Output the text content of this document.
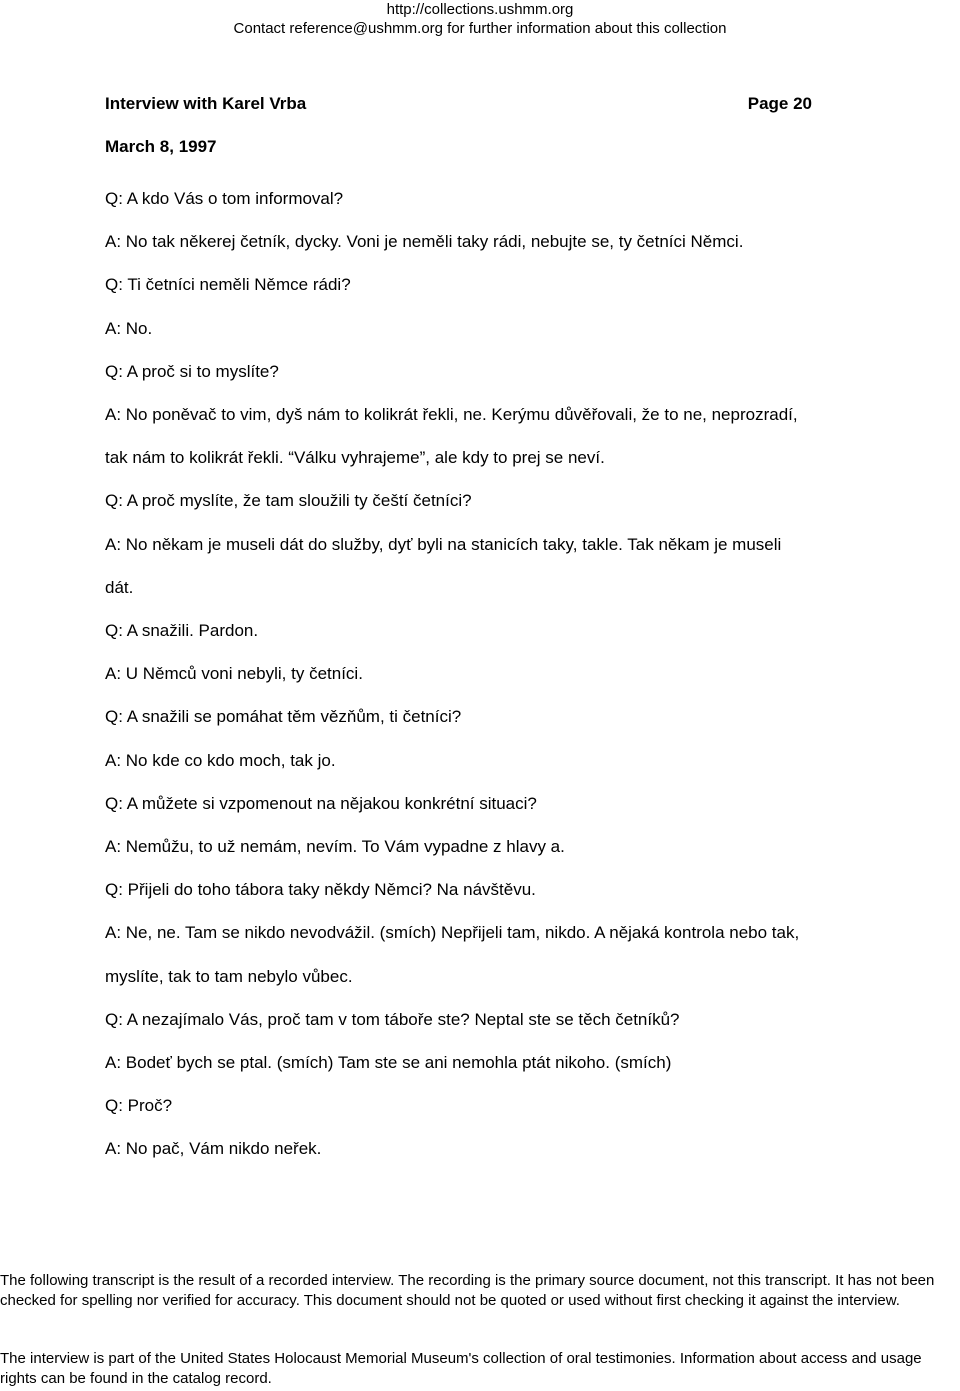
http://collections.ushmm.org
Contact reference@ushmm.org for further information about this collection
Interview with Karel Vrba	Page 20
March 8, 1997

Q: A kdo Vás o tom informoval?

A: No tak někerej četník, dycky. Voni je neměli taky rádi, nebujte se, ty četníci Němci.

Q: Ti četníci neměli Němce rádi?

A: No.

Q: A proč si to myslíte?

A: No poněvač to vim, dyš nám to kolikrát řekli, ne. Kerýmu důvěřovali, že to ne, neprozradí,

tak nám to kolikrát řekli. “Válku vyhrajeme”, ale kdy to prej se neví.

Q: A proč myslíte, že tam sloužili ty čeští četníci?

A: No někam je museli dát do služby, dyť byli na stanicích taky, takle. Tak někam je museli

dát.

Q: A snažili. Pardon.

A: U Němců voni nebyli, ty četníci.

Q: A snažili se pomáhat těm vězňům, ti četníci?

A: No kde co kdo moch, tak jo.

Q: A můžete si vzpomenout na nějakou konkrétní situaci?

A: Nemůžu, to už nemám, nevím. To Vám vypadne z hlavy a.

Q: Přijeli do toho tábora taky někdy Němci? Na návštěvu.

A: Ne, ne. Tam se nikdo nevodvážil. (smích) Nepřijeli tam, nikdo. A nějaká kontrola nebo tak,

myslíte, tak to tam nebylo vůbec.

Q: A nezajímalo Vás, proč tam v tom táboře ste? Neptal ste se těch četníků?

A: Bodeť bych se ptal. (smích) Tam ste se ani nemohla ptát nikoho. (smích)

Q: Proč?

A: No pač, Vám nikdo neřek.

The following transcript is the result of a recorded interview. The recording is the primary source document, not this transcript. It has not been checked for spelling nor verified for accuracy. This document should not be quoted or used without first checking it against the interview.
The interview is part of the United States Holocaust Memorial Museum's collection of oral testimonies. Information about access and usage rights can be found in the catalog record.
